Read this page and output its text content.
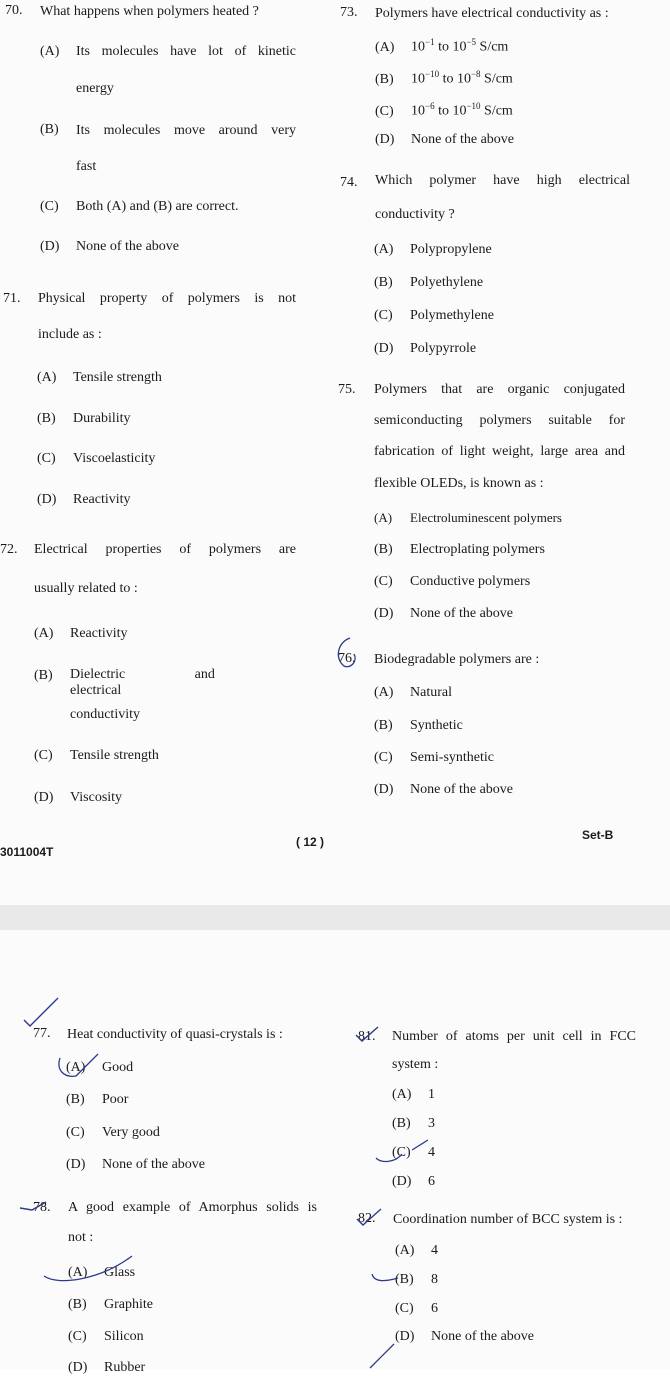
70. What happens when polymers heated ?
(A)	Its molecules have lot of kinetic
energy
(B)	Its molecules move around very
fast
(C) Both (A) and (B) are correct.
(D) None of the above
71. Physical property of polymers is not
include as :
(A) Tensile strength
(B) Durability
(C) Viscoelasticity
(D) Reactivity
72. Electrical properties of polymers are
usually related to :
(A) Reactivity
(B)	Dielectric and electrical
conductivity
(C) Tensile strength
(D) Viscosity
73. Polymers have electrical conductivity as :
(A) $10^{-1}$ to $10^{-5}$ S/cm
(B) $10^{-10}$ to $10^{-8}$ S/cm
(C) $10^{-6}$ to $10^{-10}$ S/cm
(D) None of the above
74. Which polymer have high electrical
conductivity ?
(A) Polypropylene
(B) Polyethylene
(C) Polymethylene
(D) Polypyrrole
75. Polymers that are organic conjugated
semiconducting polymers suitable for
fabrication of light weight, large area and
flexible OLEDs, is known as :
(A) Electroluminescent polymers
(B) Electroplating polymers
(C) Conductive polymers
(D) None of the above
76. Biodegradable polymers are :
(A) Natural
(B) Synthetic
(C) Semi-synthetic
(D) None of the above
3011004T
( 12 )	Set-B
77. Heat conductivity of quasi-crystals is :
(A) Good
(B) Poor
(C) Very good
(D) None of the above
78. A good example of Amorphus solids is
not :
(A) Glass
(B) Graphite
(C) Silicon
(D) Rubber
81. Number of atoms per unit cell in FCC
system :
(A) 1
(B) 3
(C) 4
(D) 6
82. Coordination number of BCC system is :
(A) 4
(B) 8
(C) 6
(D) None of the above
